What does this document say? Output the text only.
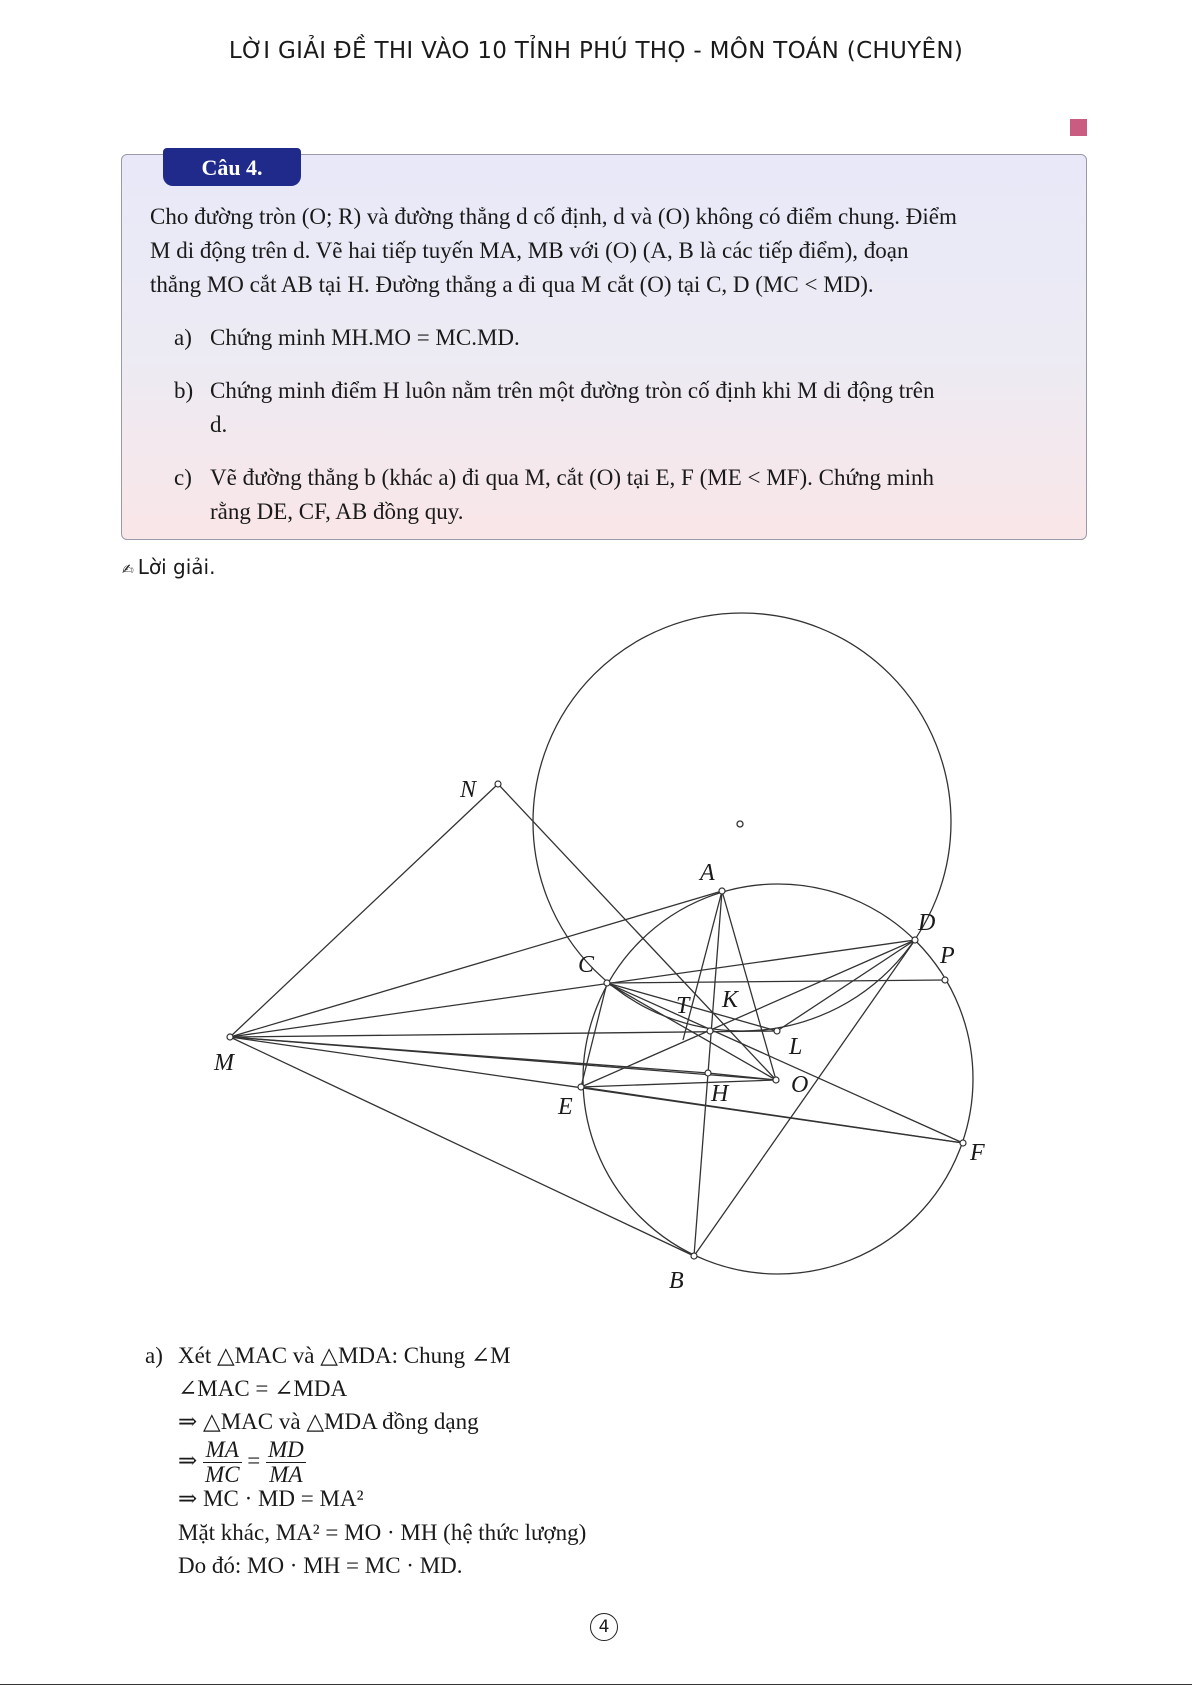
LỜI GIẢI ĐỀ THI VÀO 10 TỈNH PHÚ THỌ - MÔN TOÁN (CHUYÊN)
Câu 4.
Cho đường tròn (O; R) và đường thẳng d cố định, d và (O) không có điểm chung. Điểm
M di động trên d. Vẽ hai tiếp tuyến MA, MB với (O) (A, B là các tiếp điểm), đoạn
thẳng MO cắt AB tại H. Đường thẳng a đi qua M cắt (O) tại C, D (MC < MD).
a) Chứng minh MH.MO = MC.MD.
b) Chứng minh điểm H luôn nằm trên một đường tròn cố định khi M di động trên
d.
c) Vẽ đường thẳng b (khác a) đi qua M, cắt (O) tại E, F (ME < MF). Chứng minh
rằng DE, CF, AB đồng quy.
✍ Lời giải.
N
A
D
P
C
T K
M
L
O
H
E
F
B
a) Xét △MAC và △MDA: Chung ∠M
∠MAC = ∠MDA
⇒ △MAC và △MDA đồng dạng
⇒ $\frac{MA}{MC} = \frac{MD}{MA}$
⇒ MC · MD = MA²
Mặt khác, MA² = MO · MH (hệ thức lượng)
Do đó: MO · MH = MC · MD.
4
